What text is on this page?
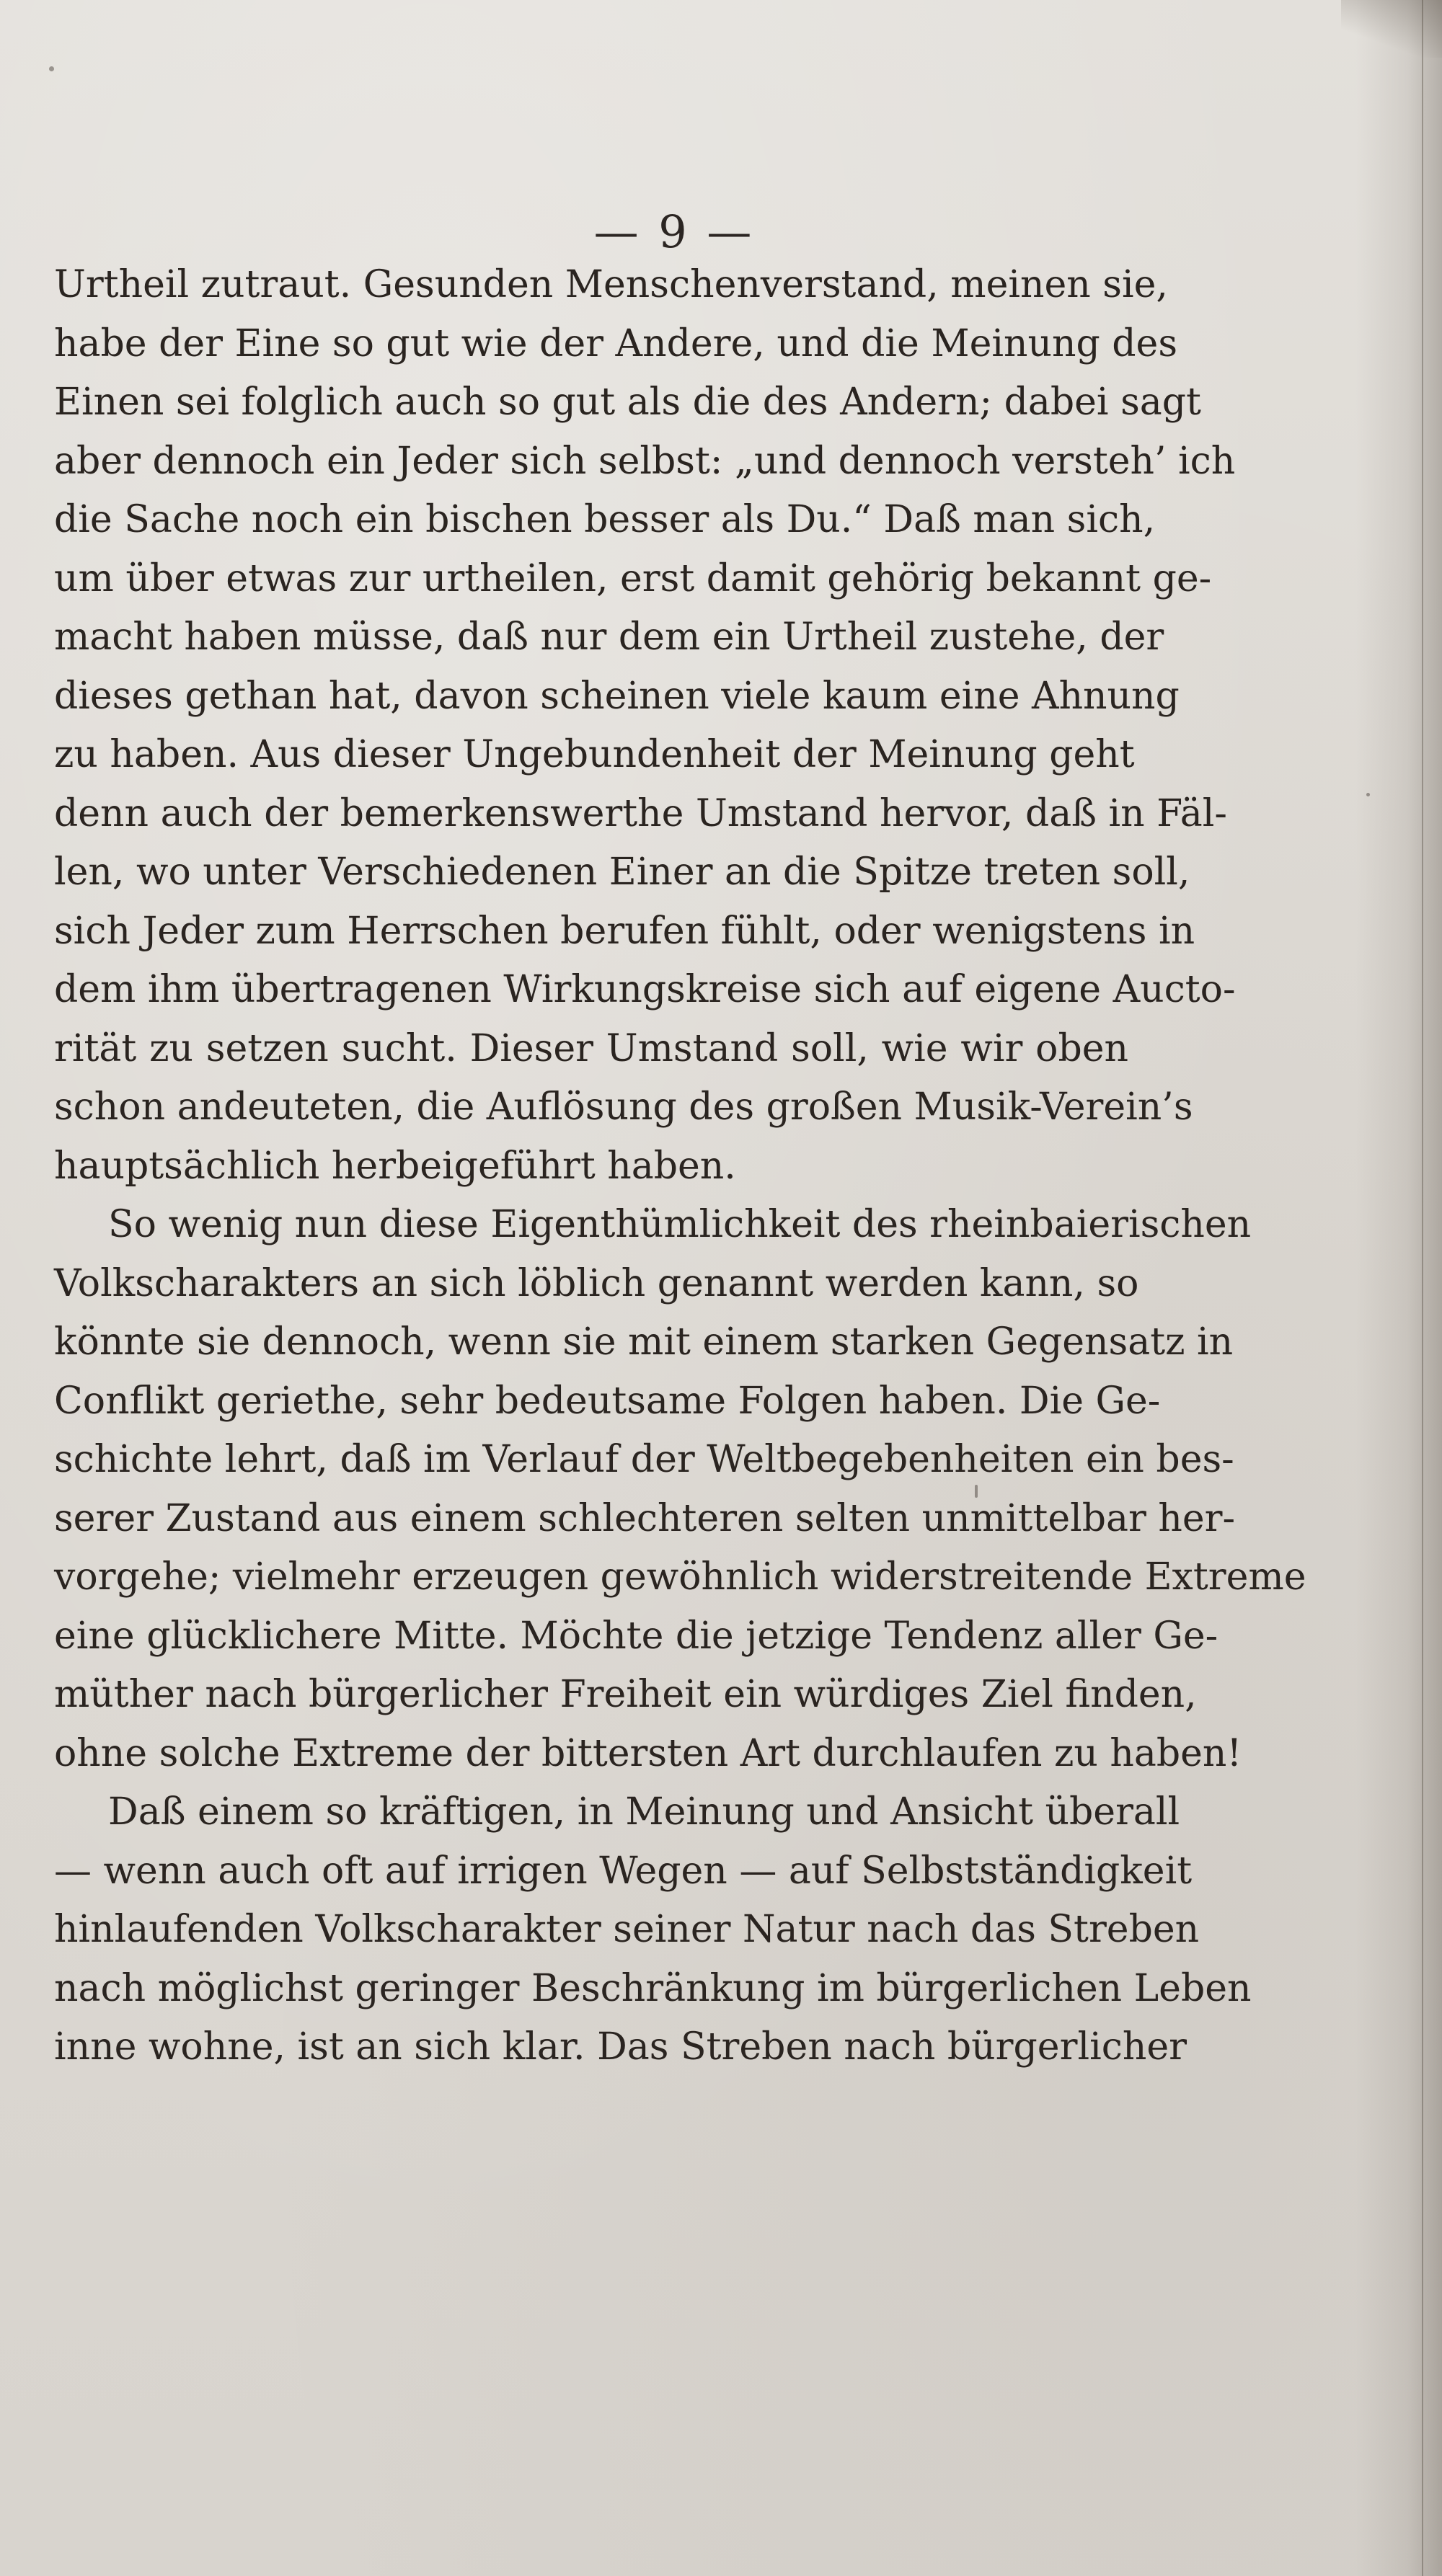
— 9 —
Urtheil zutraut. Gesunden Menschenverstand, meinen sie,
habe der Eine so gut wie der Andere, und die Meinung des
Einen sei folglich auch so gut als die des Andern; dabei sagt
aber dennoch ein Jeder sich selbst: „und dennoch versteh’ ich
die Sache noch ein bischen besser als Du.“ Daß man sich,
um über etwas zur urtheilen, erst damit gehörig bekannt ge-
macht haben müsse, daß nur dem ein Urtheil zustehe, der
dieses gethan hat, davon scheinen viele kaum eine Ahnung
zu haben. Aus dieser Ungebundenheit der Meinung geht
denn auch der bemerkenswerthe Umstand hervor, daß in Fäl-
len, wo unter Verschiedenen Einer an die Spitze treten soll,
sich Jeder zum Herrschen berufen fühlt, oder wenigstens in
dem ihm übertragenen Wirkungskreise sich auf eigene Aucto-
rität zu setzen sucht. Dieser Umstand soll, wie wir oben
schon andeuteten, die Auflösung des großen Musik-Verein’s
hauptsächlich herbeigeführt haben.
So wenig nun diese Eigenthümlichkeit des rheinbaierischen
Volkscharakters an sich löblich genannt werden kann, so
könnte sie dennoch, wenn sie mit einem starken Gegensatz in
Conflikt geriethe, sehr bedeutsame Folgen haben. Die Ge-
schichte lehrt, daß im Verlauf der Weltbegebenheiten ein bes-
serer Zustand aus einem schlechteren selten unmittelbar her-
vorgehe; vielmehr erzeugen gewöhnlich widerstreitende Extreme
eine glücklichere Mitte. Möchte die jetzige Tendenz aller Ge-
müther nach bürgerlicher Freiheit ein würdiges Ziel finden,
ohne solche Extreme der bittersten Art durchlaufen zu haben!
Daß einem so kräftigen, in Meinung und Ansicht überall
— wenn auch oft auf irrigen Wegen — auf Selbstständigkeit
hinlaufenden Volkscharakter seiner Natur nach das Streben
nach möglichst geringer Beschränkung im bürgerlichen Leben
inne wohne, ist an sich klar. Das Streben nach bürgerlicher
